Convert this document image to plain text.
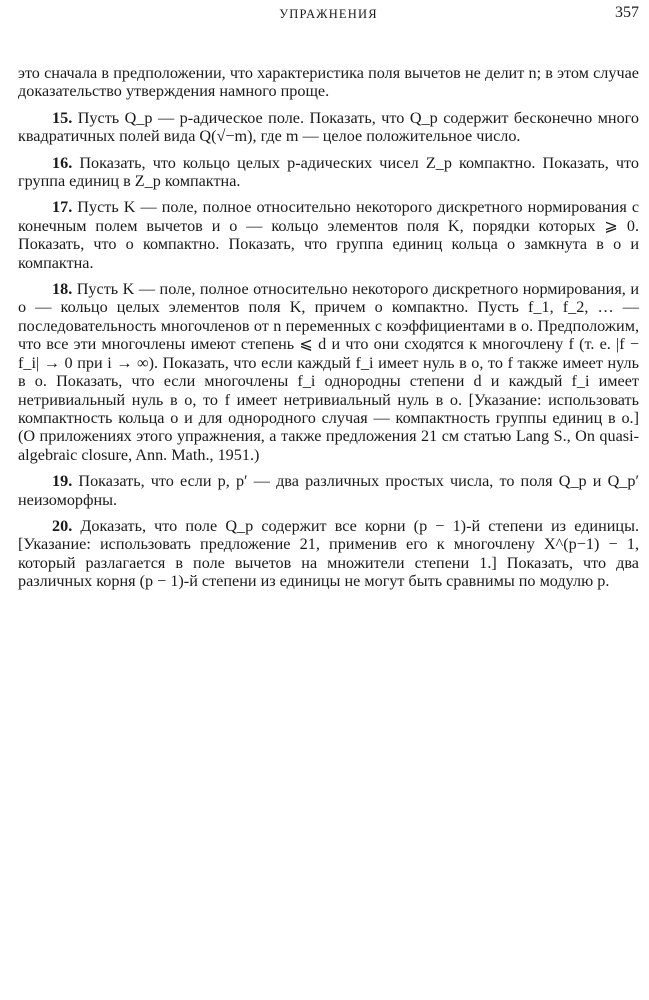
УПРАЖНЕНИЯ	357

это сначала в предположении, что характеристика поля вычетов не делит n; в этом случае доказательство утверждения намного проще.

15. Пусть Q_p — p-адическое поле. Показать, что Q_p содержит бесконечно много квадратичных полей вида Q(√−m), где m — целое положительное число.

16. Показать, что кольцо целых p-адических чисел Z_p компактно. Показать, что группа единиц в Z_p компактна.

17. Пусть K — поле, полное относительно некоторого дискретного нормирования с конечным полем вычетов и о — кольцо элементов поля K, порядки которых ⩾ 0. Показать, что о компактно. Показать, что группа единиц кольца о замкнута в о и компактна.

18. Пусть K — поле, полное относительно некоторого дискретного нормирования, и о — кольцо целых элементов поля K, причем о компактно. Пусть f_1, f_2, … — последовательность многочленов от n переменных с коэффициентами в о. Предположим, что все эти многочлены имеют степень ⩽ d и что они сходятся к многочлену f (т. е. |f − f_i| → 0 при i → ∞). Показать, что если каждый f_i имеет нуль в о, то f также имеет нуль в о. Показать, что если многочлены f_i однородны степени d и каждый f_i имеет нетривиальный нуль в о, то f имеет нетривиальный нуль в о. [Указание: использовать компактность кольца о и для однородного случая — компактность группы единиц в о.] (О приложениях этого упражнения, а также предложения 21 см статью Lang S., On quasi-algebraic closure, Ann. Math., 1951.)

19. Показать, что если p, p′ — два различных простых числа, то поля Q_p и Q_p′ неизоморфны.

20. Доказать, что поле Q_p содержит все корни (p − 1)-й степени из единицы. [Указание: использовать предложение 21, применив его к многочлену X^(p−1) − 1, который разлагается в поле вычетов на множители степени 1.] Показать, что два различных корня (p − 1)-й степени из единицы не могут быть сравнимы по модулю p.
